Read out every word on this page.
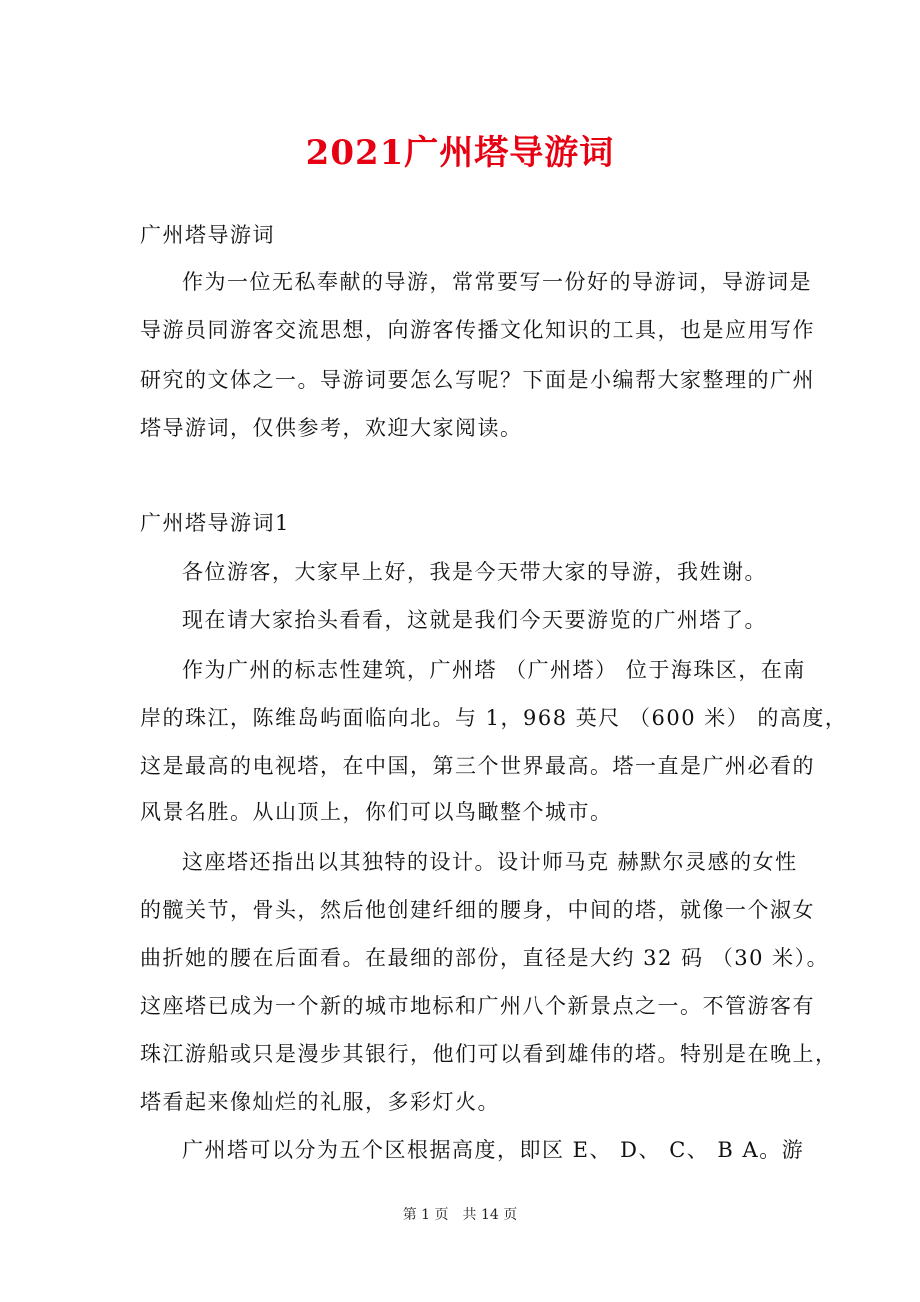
2021广州塔导游词
广州塔导游词
作为一位无私奉献的导游，常常要写一份好的导游词，导游词是
导游员同游客交流思想，向游客传播文化知识的工具，也是应用写作
研究的文体之一。导游词要怎么写呢？下面是小编帮大家整理的广州
塔导游词，仅供参考，欢迎大家阅读。
广州塔导游词1
各位游客，大家早上好，我是今天带大家的导游，我姓谢。
现在请大家抬头看看，这就是我们今天要游览的广州塔了。
作为广州的标志性建筑，广州塔 （广州塔） 位于海珠区，在南
岸的珠江，陈维岛屿面临向北。与 1，968 英尺 （600 米） 的高度，
这是最高的电视塔，在中国，第三个世界最高。塔一直是广州必看的
风景名胜。从山顶上，你们可以鸟瞰整个城市。
这座塔还指出以其独特的设计。设计师马克 赫默尔灵感的女性
的髋关节，骨头，然后他创建纤细的腰身，中间的塔，就像一个淑女
曲折她的腰在后面看。在最细的部份，直径是大约 32 码 （30 米）。
这座塔已成为一个新的城市地标和广州八个新景点之一。不管游客有
珠江游船或只是漫步其银行，他们可以看到雄伟的塔。特别是在晚上，
塔看起来像灿烂的礼服，多彩灯火。
广州塔可以分为五个区根据高度，即区 E、 D、 C、 B A。游
第 1 页 共 14 页
